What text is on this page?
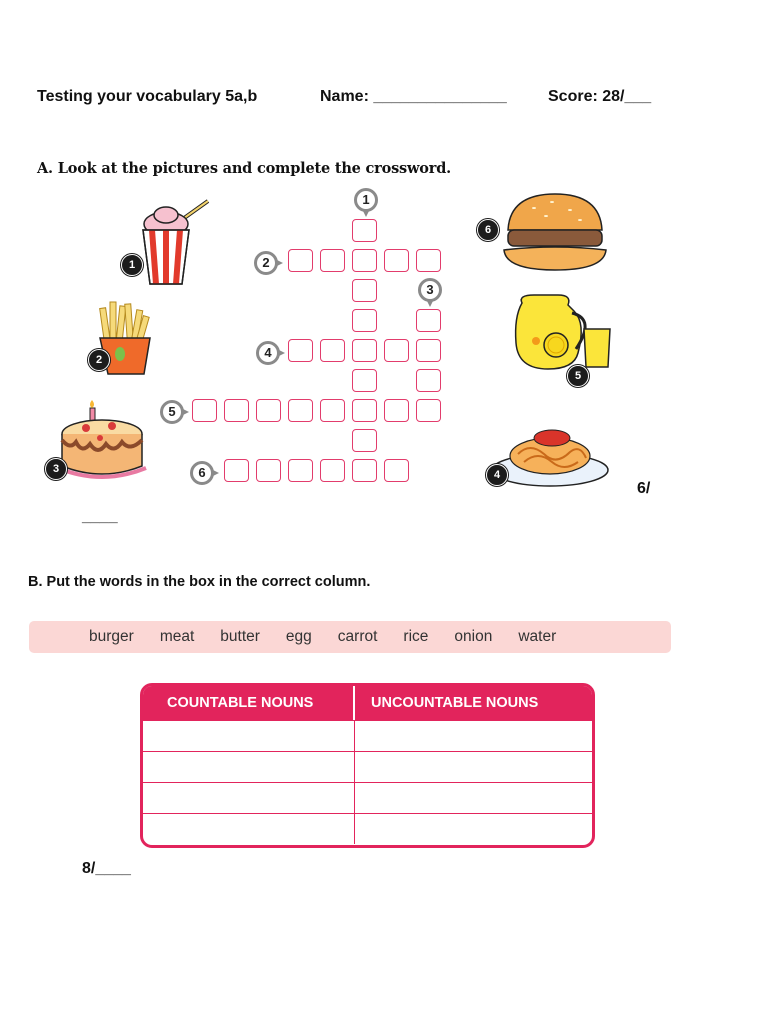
Testing your vocabulary 5a,b	Name: _______________	Score: 28/___
A. Look at the pictures and complete the crossword.
1
2
3
6
5
4
1
2
3
4
5
6
6/
____
B. Put the words in the box in the correct column.
burger meat butter egg carrot rice onion water
COUNTABLE NOUNS	UNCOUNTABLE NOUNS
8/____
